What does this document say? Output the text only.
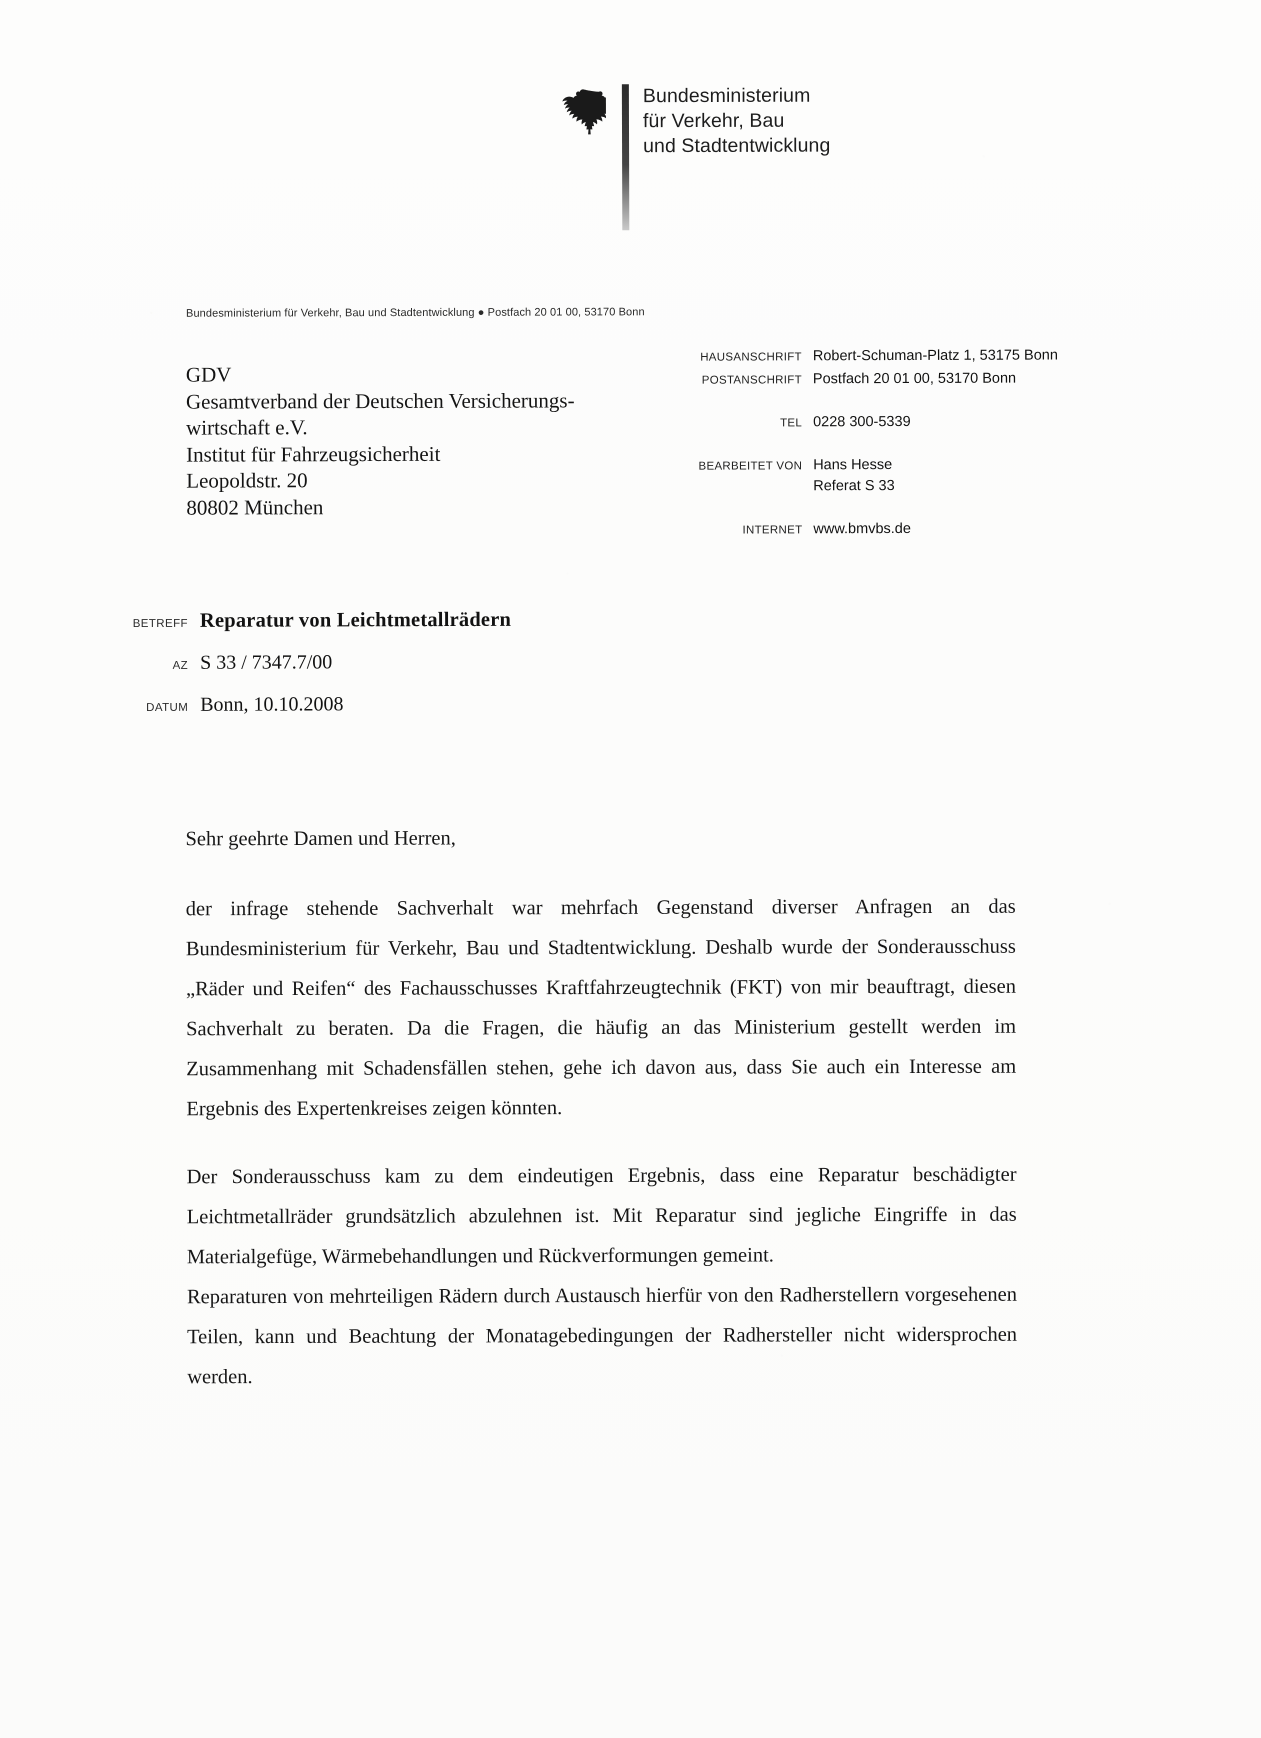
Bundesministerium
für Verkehr, Bau
und Stadtentwicklung
Bundesministerium für Verkehr, Bau und Stadtentwicklung ● Postfach 20 01 00, 53170 Bonn
GDV
Gesamtverband der Deutschen Versicherungs-
wirtschaft e.V.
Institut für Fahrzeugsicherheit
Leopoldstr. 20
80802 München
HAUSANSCHRIFT Robert-Schuman-Platz 1, 53175 Bonn
POSTANSCHRIFT Postfach 20 01 00, 53170 Bonn
TEL 0228 300-5339
BEARBEITET VON Hans Hesse
Referat S 33
INTERNET www.bmvbs.de
BETREFF Reparatur von Leichtmetallrädern
AZ S 33 / 7347.7/00
DATUM Bonn, 10.10.2008

Sehr geehrte Damen und Herren,

der infrage stehende Sachverhalt war mehrfach Gegenstand diverser Anfragen an das Bundesministerium für Verkehr, Bau und Stadtentwicklung. Deshalb wurde der Sonderausschuss „Räder und Reifen“ des Fachausschusses Kraftfahrzeugtechnik (FKT) von mir beauftragt, diesen Sachverhalt zu beraten. Da die Fragen, die häufig an das Ministerium gestellt werden im Zusammenhang mit Schadensfällen stehen, gehe ich davon aus, dass Sie auch ein Interesse am Ergebnis des Expertenkreises zeigen könnten.

Der Sonderausschuss kam zu dem eindeutigen Ergebnis, dass eine Reparatur beschädigter Leichtmetallräder grundsätzlich abzulehnen ist. Mit Reparatur sind jegliche Eingriffe in das Materialgefüge, Wärmebehandlungen und Rückverformungen gemeint.

Reparaturen von mehrteiligen Rädern durch Austausch hierfür von den Radherstellern vorgesehenen Teilen, kann und Beachtung der Monatagebedingungen der Radhersteller nicht widersprochen werden.
